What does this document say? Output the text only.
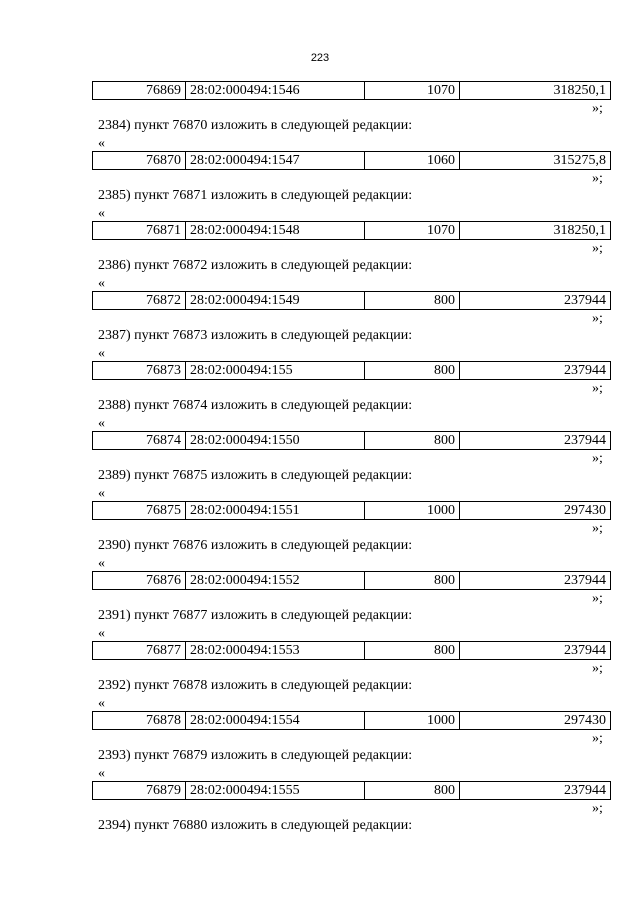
223
76869	28:02:000494:1546	1070	318250,1
»;
2384) пункт 76870 изложить в следующей редакции:
«
76870	28:02:000494:1547	1060	315275,8
»;
2385) пункт 76871 изложить в следующей редакции:
«
76871	28:02:000494:1548	1070	318250,1
»;
2386) пункт 76872 изложить в следующей редакции:
«
76872	28:02:000494:1549	800	237944
»;
2387) пункт 76873 изложить в следующей редакции:
«
76873	28:02:000494:155	800	237944
»;
2388) пункт 76874 изложить в следующей редакции:
«
76874	28:02:000494:1550	800	237944
»;
2389) пункт 76875 изложить в следующей редакции:
«
76875	28:02:000494:1551	1000	297430
»;
2390) пункт 76876 изложить в следующей редакции:
«
76876	28:02:000494:1552	800	237944
»;
2391) пункт 76877 изложить в следующей редакции:
«
76877	28:02:000494:1553	800	237944
»;
2392) пункт 76878 изложить в следующей редакции:
«
76878	28:02:000494:1554	1000	297430
»;
2393) пункт 76879 изложить в следующей редакции:
«
76879	28:02:000494:1555	800	237944
»;
2394) пункт 76880 изложить в следующей редакции:
